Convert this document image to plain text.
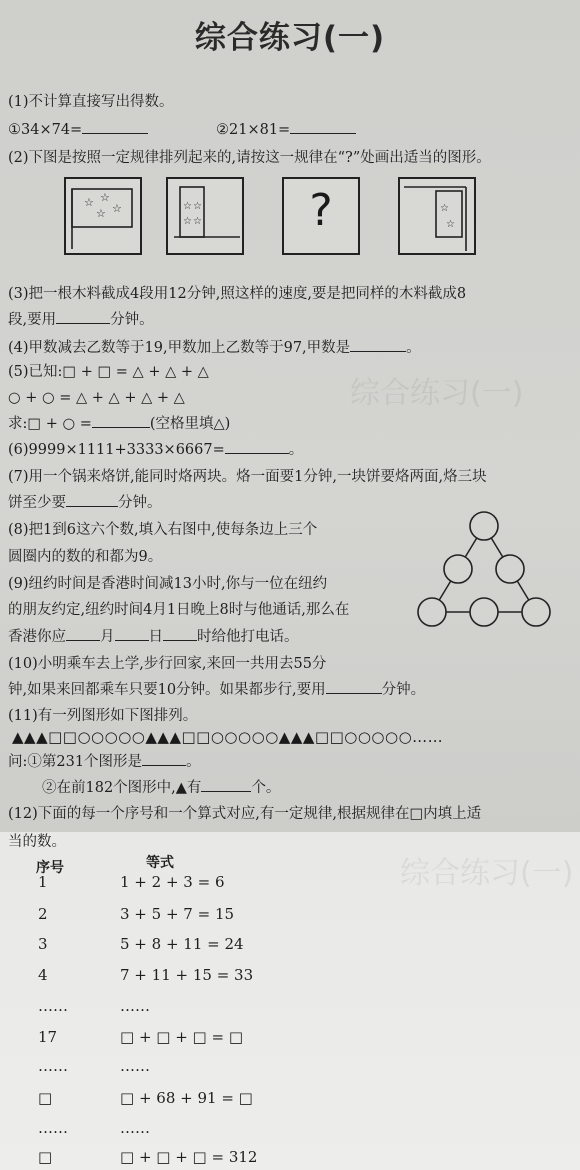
综合练习(一)
综合练习(一)
综合练习(一)
(1)不计算直接写出得数。
①34×74=	②21×81=
(2)下图是按照一定规律排列起来的,请按这一规律在“?”处画出适当的图形。
☆ ☆
☆ ☆	☆ ☆
☆ ☆	?	☆
☆
(3)把一根木料截成4段用12分钟,照这样的速度,要是把同样的木料截成8
段,要用	分钟。
(4)甲数减去乙数等于19,甲数加上乙数等于97,甲数是	。
(5)已知:□ + □ = △ + △ + △
○ + ○ = △ + △ + △ + △
求:□ + ○ =	(空格里填△)
(6)9999×1111+3333×6667=	。
(7)用一个锅来烙饼,能同时烙两块。烙一面要1分钟,一块饼要烙两面,烙三块
饼至少要	分钟。
(8)把1到6这六个数,填入右图中,使每条边上三个
圆圈内的数的和都为9。
(9)纽约时间是香港时间减13小时,你与一位在纽约
的朋友约定,纽约时间4月1日晚上8时与他通话,那么在
香港你应 月 日 时给他打电话。
(10)小明乘车去上学,步行回家,来回一共用去55分
钟,如果来回都乘车只要10分钟。如果都步行,要用	分钟。
(11)有一列图形如下图排列。
▲▲▲□□○○○○○▲▲▲□□○○○○○▲▲▲□□○○○○○……
问:①第231个图形是	。
②在前182个图形中,▲有	个。
(12)下面的每一个序号和一个算式对应,有一定规律,根据规律在□内填上适
当的数。
序号	等式
1	1 + 2 + 3 = 6
2	3 + 5 + 7 = 15
3	5 + 8 + 11 = 24
4	7 + 11 + 15 = 33
……	……
17	□ + □ + □ = □
……	……
□	□ + 68 + 91 = □
……	……
□	□ + □ + □ = 312
